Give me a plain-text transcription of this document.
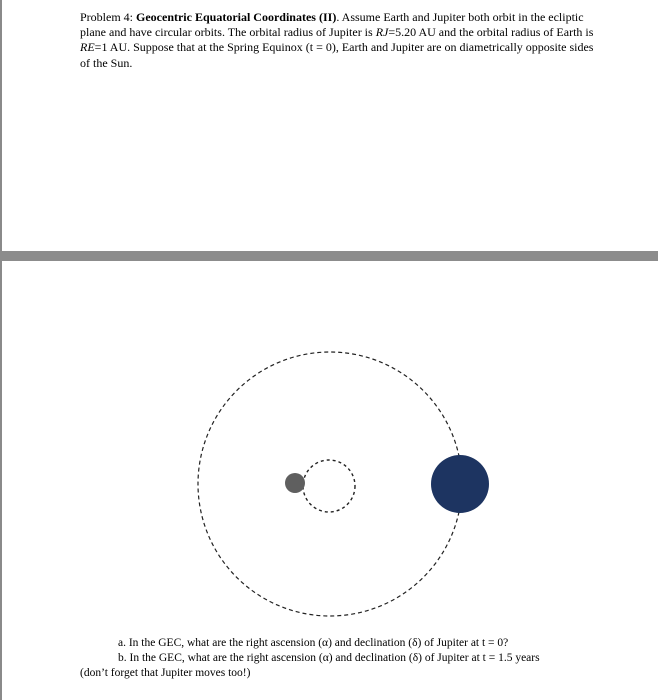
Problem 4: Geocentric Equatorial Coordinates (II). Assume Earth and Jupiter both orbit in the ecliptic plane and have circular orbits. The orbital radius of Jupiter is RJ=5.20 AU and the orbital radius of Earth is RE=1 AU. Suppose that at the Spring Equinox (t = 0), Earth and Jupiter are on diametrically opposite sides of the Sun.

a. In the GEC, what are the right ascension (α) and declination (δ) of Jupiter at t = 0?
b. In the GEC, what are the right ascension (α) and declination (δ) of Jupiter at t = 1.5 years
(don’t forget that Jupiter moves too!)
